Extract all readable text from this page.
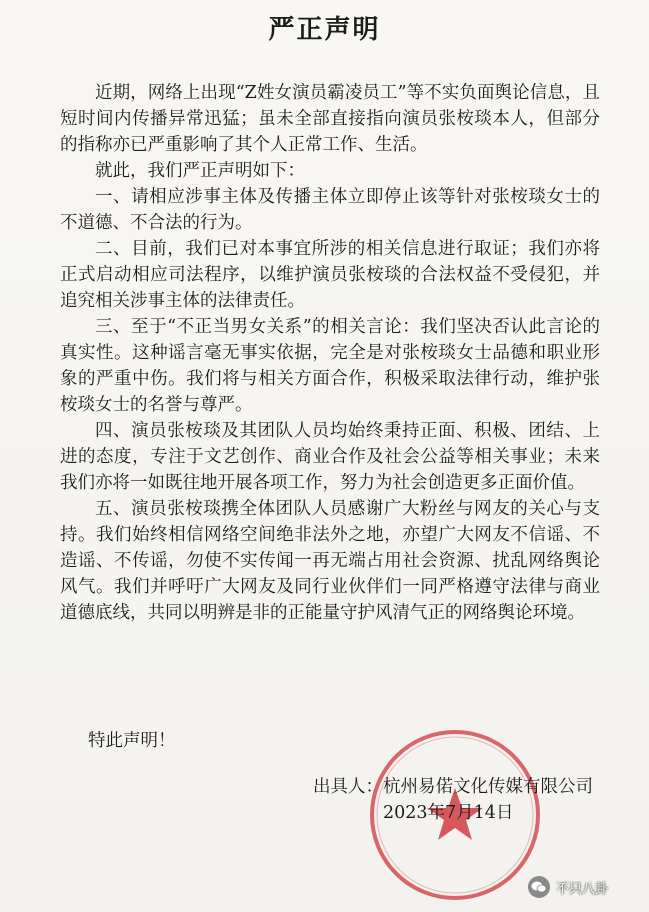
严正声明

近期，网络上出现“Z姓女演员霸凌员工”等不实负面舆论信息，且短时间内传播异常迅猛；虽未全部直接指向演员张桉琰本人，但部分的指称亦已严重影响了其个人正常工作、生活。

就此，我们严正声明如下：

一、请相应涉事主体及传播主体立即停止该等针对张桉琰女士的不道德、不合法的行为。

二、目前，我们已对本事宜所涉的相关信息进行取证；我们亦将正式启动相应司法程序，以维护演员张桉琰的合法权益不受侵犯，并追究相关涉事主体的法律责任。

三、至于“不正当男女关系”的相关言论：我们坚决否认此言论的真实性。这种谣言毫无事实依据，完全是对张桉琰女士品德和职业形象的严重中伤。我们将与相关方面合作，积极采取法律行动，维护张桉琰女士的名誉与尊严。

四、演员张桉琰及其团队人员均始终秉持正面、积极、团结、上进的态度，专注于文艺创作、商业合作及社会公益等相关事业；未来我们亦将一如既往地开展各项工作，努力为社会创造更多正面价值。

五、演员张桉琰携全体团队人员感谢广大粉丝与网友的关心与支持。我们始终相信网络空间绝非法外之地，亦望广大网友不信谣、不造谣、不传谣，勿使不实传闻一再无端占用社会资源、扰乱网络舆论风气。我们并呼吁广大网友及同行业伙伴们一同严格遵守法律与商业道德底线，共同以明辨是非的正能量守护风清气正的网络舆论环境。

特此声明！
出具人：杭州易偌文化传媒有限公司
2023年7月14日
不只八卦
